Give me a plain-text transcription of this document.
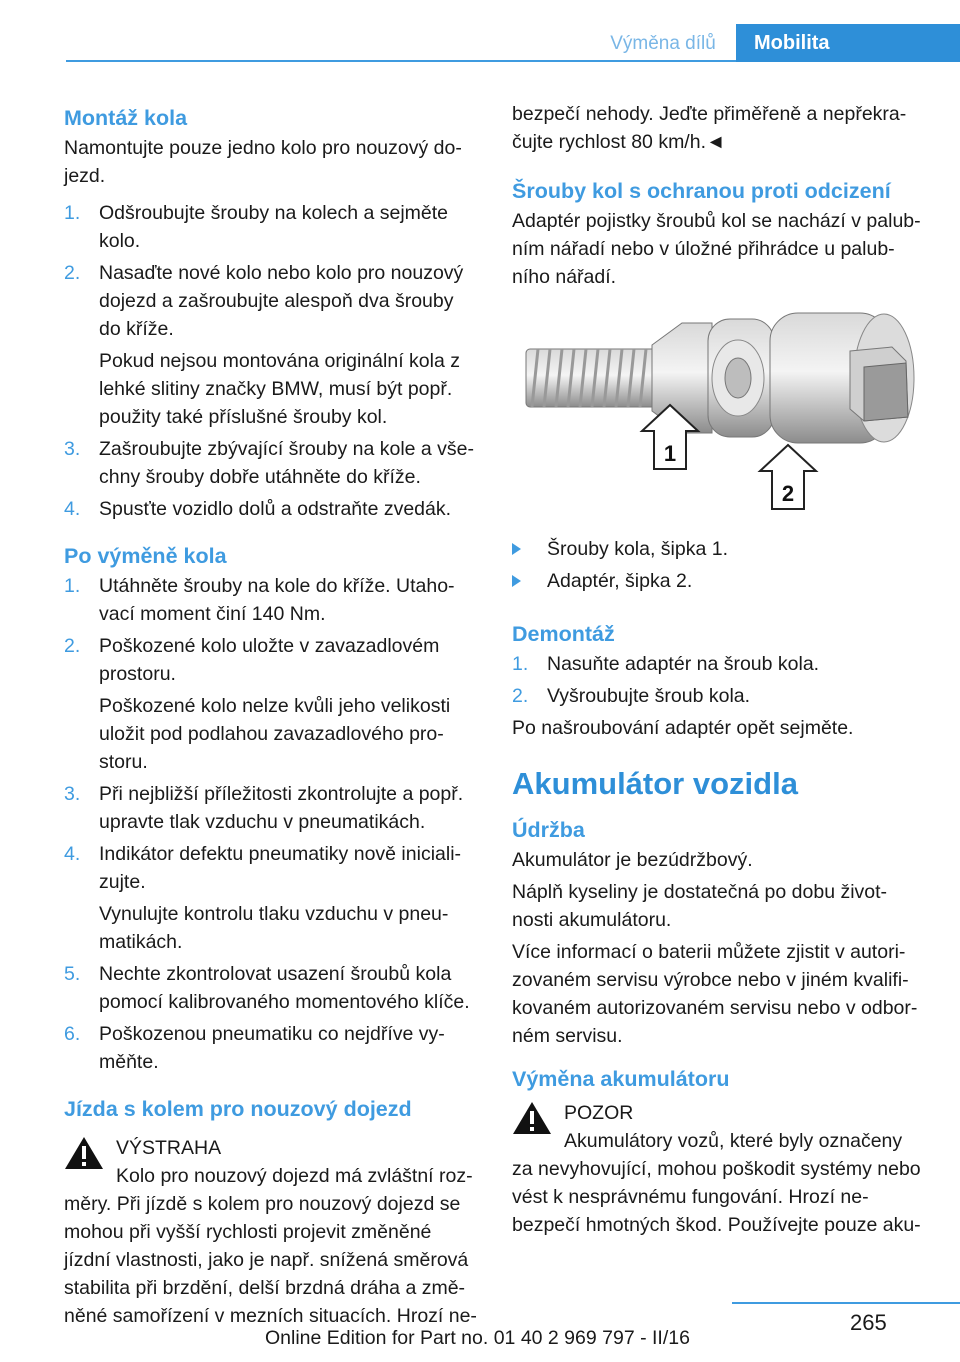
Výměna dílů	Mobilita
Montáž kola

Namontujte pouze jedno kolo pro nouzový do‐jezd.

1. Odšroubujte šrouby na kolech a sejměte kolo.

2. Nasaďte nové kolo nebo kolo pro nouzový dojezd a zašroubujte alespoň dva šrouby do kříže.

Pokud nejsou montována originální kola z lehké slitiny značky BMW, musí být popř. použity také příslušné šrouby kol.

3. Zašroubujte zbývající šrouby na kole a vše‐chny šrouby dobře utáhněte do kříže.

4. Spusťte vozidlo dolů a odstraňte zvedák.

Po výměně kola
1. Utáhněte šrouby na kole do kříže. Utaho‐vací moment činí 140 Nm.

2. Poškozené kolo uložte v zavazadlovém prostoru.

Poškozené kolo nelze kvůli jeho velikosti uložit pod podlahou zavazadlového pro‐storu.

3. Při nejbližší příležitosti zkontrolujte a popř. upravte tlak vzduchu v pneumatikách.

4. Indikátor defektu pneumatiky nově iniciali‐zujte.

Vynulujte kontrolu tlaku vzduchu v pneu‐matikách.

5. Nechte zkontrolovat usazení šroubů kola pomocí kalibrovaného momentového klíče.

6. Poškozenou pneumatiku co nejdříve vy‐měňte.

Jízda s kolem pro nouzový dojezd

VÝSTRAHA

Kolo pro nouzový dojezd má zvláštní roz‐měry. Při jízdě s kolem pro nouzový dojezd se mohou při vyšší rychlosti projevit změněné jízdní vlastnosti, jako je např. snížená směrová stabilita při brzdění, delší brzdná dráha a změ‐něné samořízení v mezních situacích. Hrozí ne‐

bezpečí nehody. Jeďte přiměřeně a nepřekra‐čujte rychlost 80 km/h.◄

Šrouby kol s ochranou proti odcizení

Adaptér pojistky šroubů kol se nachází v palub‐ním nářadí nebo v úložné přihrádce u palub‐ního nářadí.

1
2

Šrouby kola, šipka 1.

Adaptér, šipka 2.

Demontáž
1. Nasuňte adaptér na šroub kola.

2. Vyšroubujte šroub kola.

Po našroubování adaptér opět sejměte.

Akumulátor vozidla
Údržba

Akumulátor je bezúdržbový.

Náplň kyseliny je dostatečná po dobu život‐nosti akumulátoru.

Více informací o baterii můžete zjistit v autori‐zovaném servisu výrobce nebo v jiném kvalifi‐kovaném autorizovaném servisu nebo v odbor‐ném servisu.

Výměna akumulátoru

POZOR

Akumulátory vozů, které byly označeny za nevyhovující, mohou poškodit systémy nebo vést k nesprávnému fungování. Hrozí ne‐bezpečí hmotných škod. Používejte pouze aku‐

265
Online Edition for Part no. 01 40 2 969 797 - II/16
